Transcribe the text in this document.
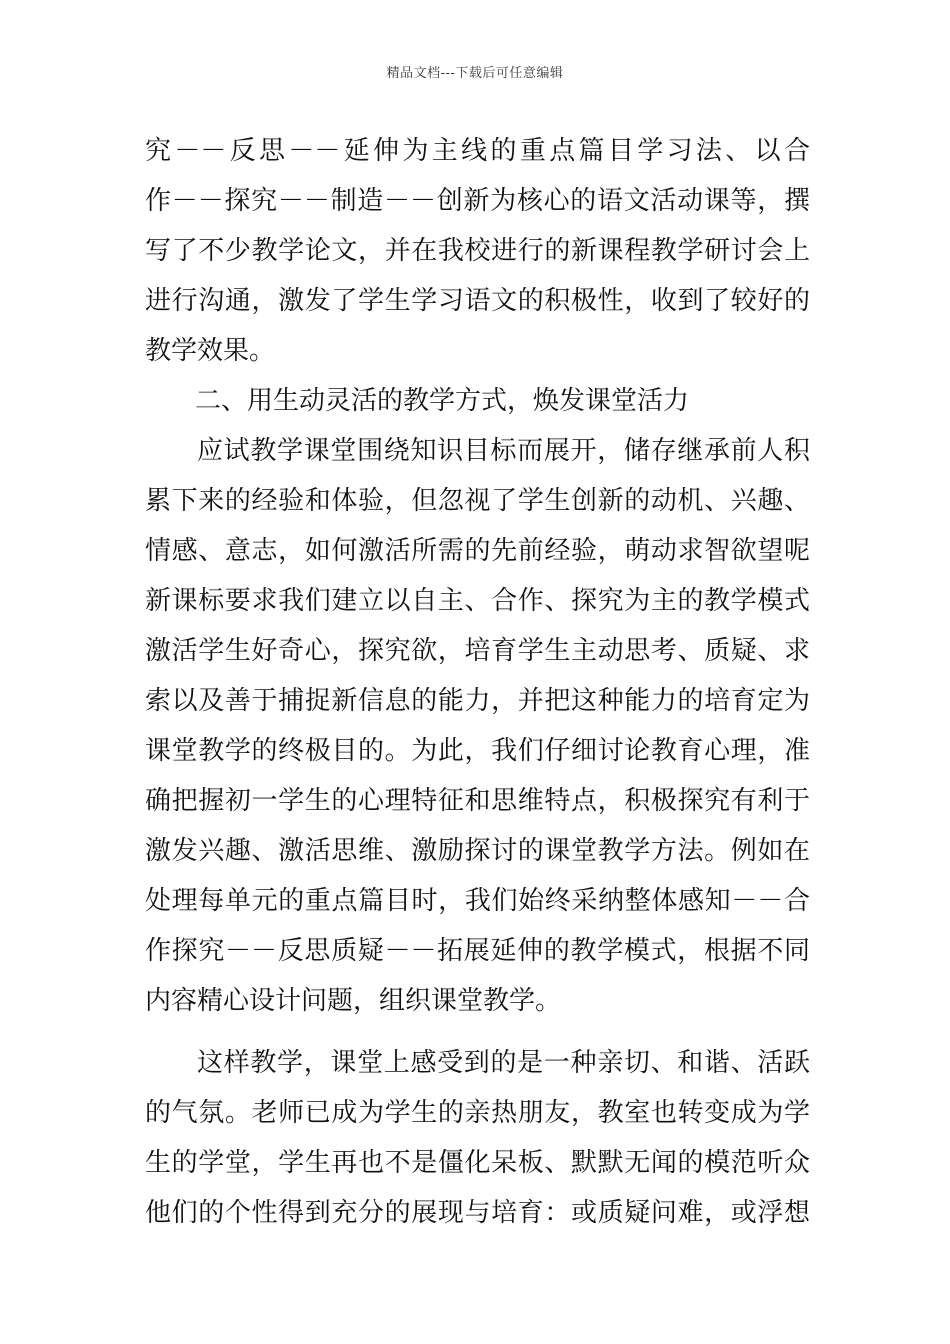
精品文档---下载后可任意编辑
究－－反思－－延伸为主线的重点篇目学习法、以合
作－－探究－－制造－－创新为核心的语文活动课等，撰
写了不少教学论文，并在我校进行的新课程教学研讨会上
进行沟通，激发了学生学习语文的积极性，收到了较好的
教学效果。
二、用生动灵活的教学方式，焕发课堂活力
应试教学课堂围绕知识目标而展开，储存继承前人积
累下来的经验和体验，但忽视了学生创新的动机、兴趣、
情感、意志，如何激活所需的先前经验，萌动求智欲望呢
新课标要求我们建立以自主、合作、探究为主的教学模式
激活学生好奇心，探究欲，培育学生主动思考、质疑、求
索以及善于捕捉新信息的能力，并把这种能力的培育定为
课堂教学的终极目的。为此，我们仔细讨论教育心理，准
确把握初一学生的心理特征和思维特点，积极探究有利于
激发兴趣、激活思维、激励探讨的课堂教学方法。例如在
处理每单元的重点篇目时，我们始终采纳整体感知－－合
作探究－－反思质疑－－拓展延伸的教学模式，根据不同
内容精心设计问题，组织课堂教学。
这样教学，课堂上感受到的是一种亲切、和谐、活跃
的气氛。老师已成为学生的亲热朋友，教室也转变成为学
生的学堂，学生再也不是僵化呆板、默默无闻的模范听众
他们的个性得到充分的展现与培育：或质疑问难，或浮想
